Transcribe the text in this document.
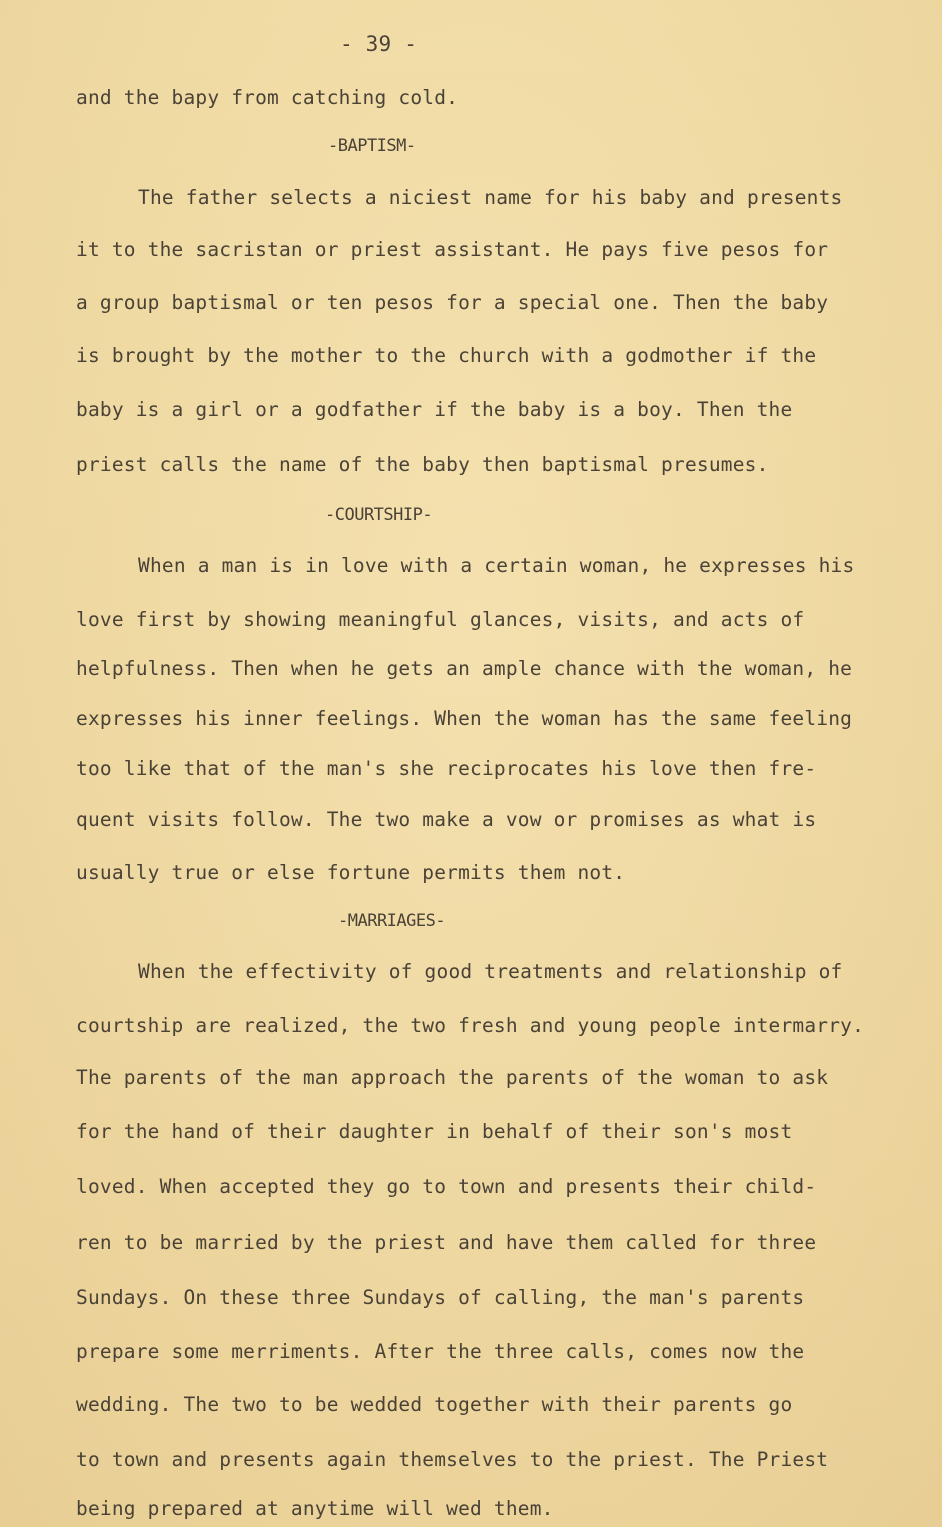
- 39 -
and the bapy from catching cold.
-BAPTISM-
The father selects a niciest name for his baby and presents
it to the sacristan or priest assistant. He pays five pesos for
a group baptismal or ten pesos for a special one. Then the baby
is brought by the mother to the church with a godmother if the
baby is a girl or a godfather if the baby is a boy. Then the
priest calls the name of the baby then baptismal presumes.
-COURTSHIP-
When a man is in love with a certain woman, he expresses his
love first by showing meaningful glances, visits, and acts of
helpfulness. Then when he gets an ample chance with the woman, he
expresses his inner feelings. When the woman has the same feeling
too like that of the man's she reciprocates his love then fre-
quent visits follow. The two make a vow or promises as what is
usually true or else fortune permits them not.
-MARRIAGES-
When the effectivity of good treatments and relationship of
courtship are realized, the two fresh and young people intermarry.
The parents of the man approach the parents of the woman to ask
for the hand of their daughter in behalf of their son's most
loved. When accepted they go to town and presents their child-
ren to be married by the priest and have them called for three
Sundays. On these three Sundays of calling, the man's parents
prepare some merriments. After the three calls, comes now the
wedding. The two to be wedded together with their parents go
to town and presents again themselves to the priest. The Priest
being prepared at anytime will wed them.
